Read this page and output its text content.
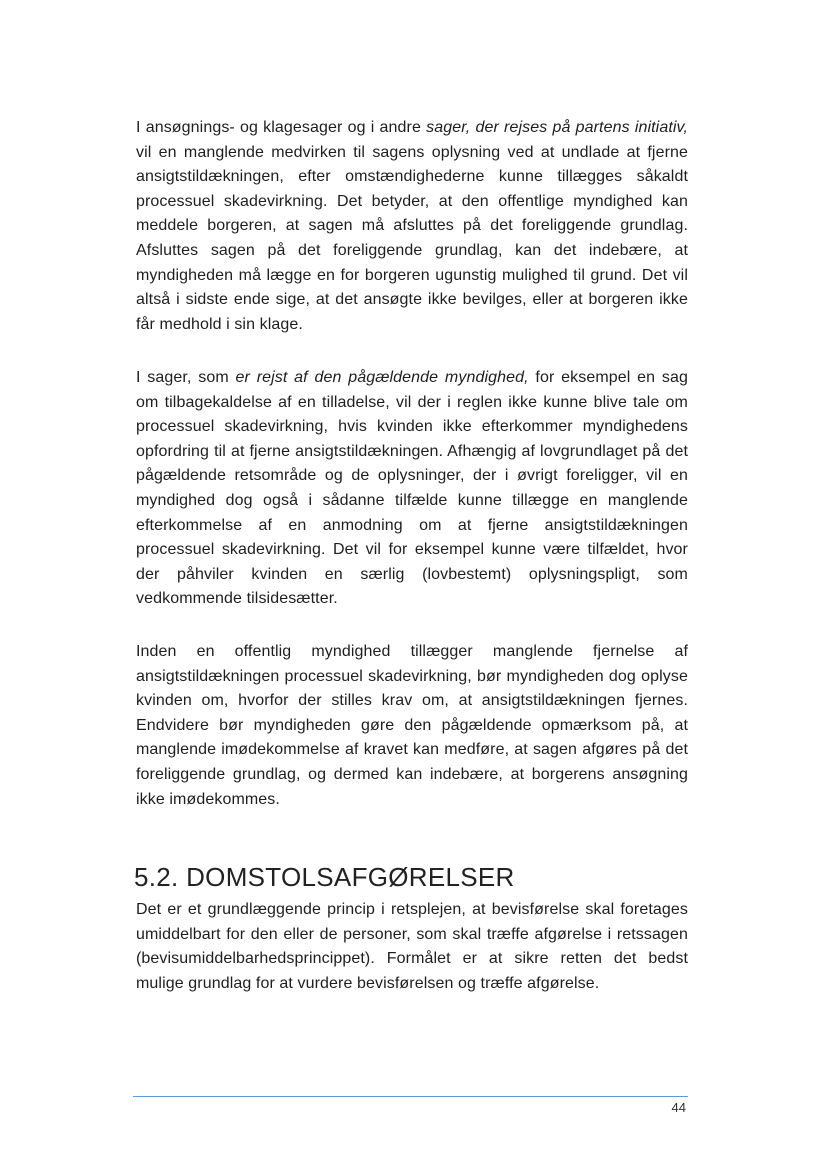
I ansøgnings- og klagesager og i andre sager, der rejses på partens initiativ, vil en manglende medvirken til sagens oplysning ved at undlade at fjerne ansigtstildækningen, efter omstændighederne kunne tillægges såkaldt processuel skadevirkning. Det betyder, at den offentlige myndighed kan meddele borgeren, at sagen må afsluttes på det foreliggende grundlag. Afsluttes sagen på det foreliggende grundlag, kan det indebære, at myndigheden må lægge en for borgeren ugunstig mulighed til grund. Det vil altså i sidste ende sige, at det ansøgte ikke bevilges, eller at borgeren ikke får medhold i sin klage.

I sager, som er rejst af den pågældende myndighed, for eksempel en sag om tilbagekaldelse af en tilladelse, vil der i reglen ikke kunne blive tale om processuel skadevirkning, hvis kvinden ikke efterkommer myndighedens opfordring til at fjerne ansigtstildækningen. Afhængig af lovgrundlaget på det pågældende retsområde og de oplysninger, der i øvrigt foreligger, vil en myndighed dog også i sådanne tilfælde kunne tillægge en manglende efterkommelse af en anmodning om at fjerne ansigtstildækningen processuel skadevirkning. Det vil for eksempel kunne være tilfældet, hvor der påhviler kvinden en særlig (lovbestemt) oplysningspligt, som vedkommende tilsidesætter.

Inden en offentlig myndighed tillægger manglende fjernelse af ansigtstildækningen processuel skadevirkning, bør myndigheden dog oplyse kvinden om, hvorfor der stilles krav om, at ansigtstildækningen fjernes. Endvidere bør myndigheden gøre den pågældende opmærksom på, at manglende imødekommelse af kravet kan medføre, at sagen afgøres på det foreliggende grundlag, og dermed kan indebære, at borgerens ansøgning ikke imødekommes.

5.2. DOMSTOLSAFGØRELSER

Det er et grundlæggende princip i retsplejen, at bevisførelse skal foretages umiddelbart for den eller de personer, som skal træffe afgørelse i retssagen (bevisumiddelbarhedsprincippet). Formålet er at sikre retten det bedst mulige grundlag for at vurdere bevisførelsen og træffe afgørelse.

44
